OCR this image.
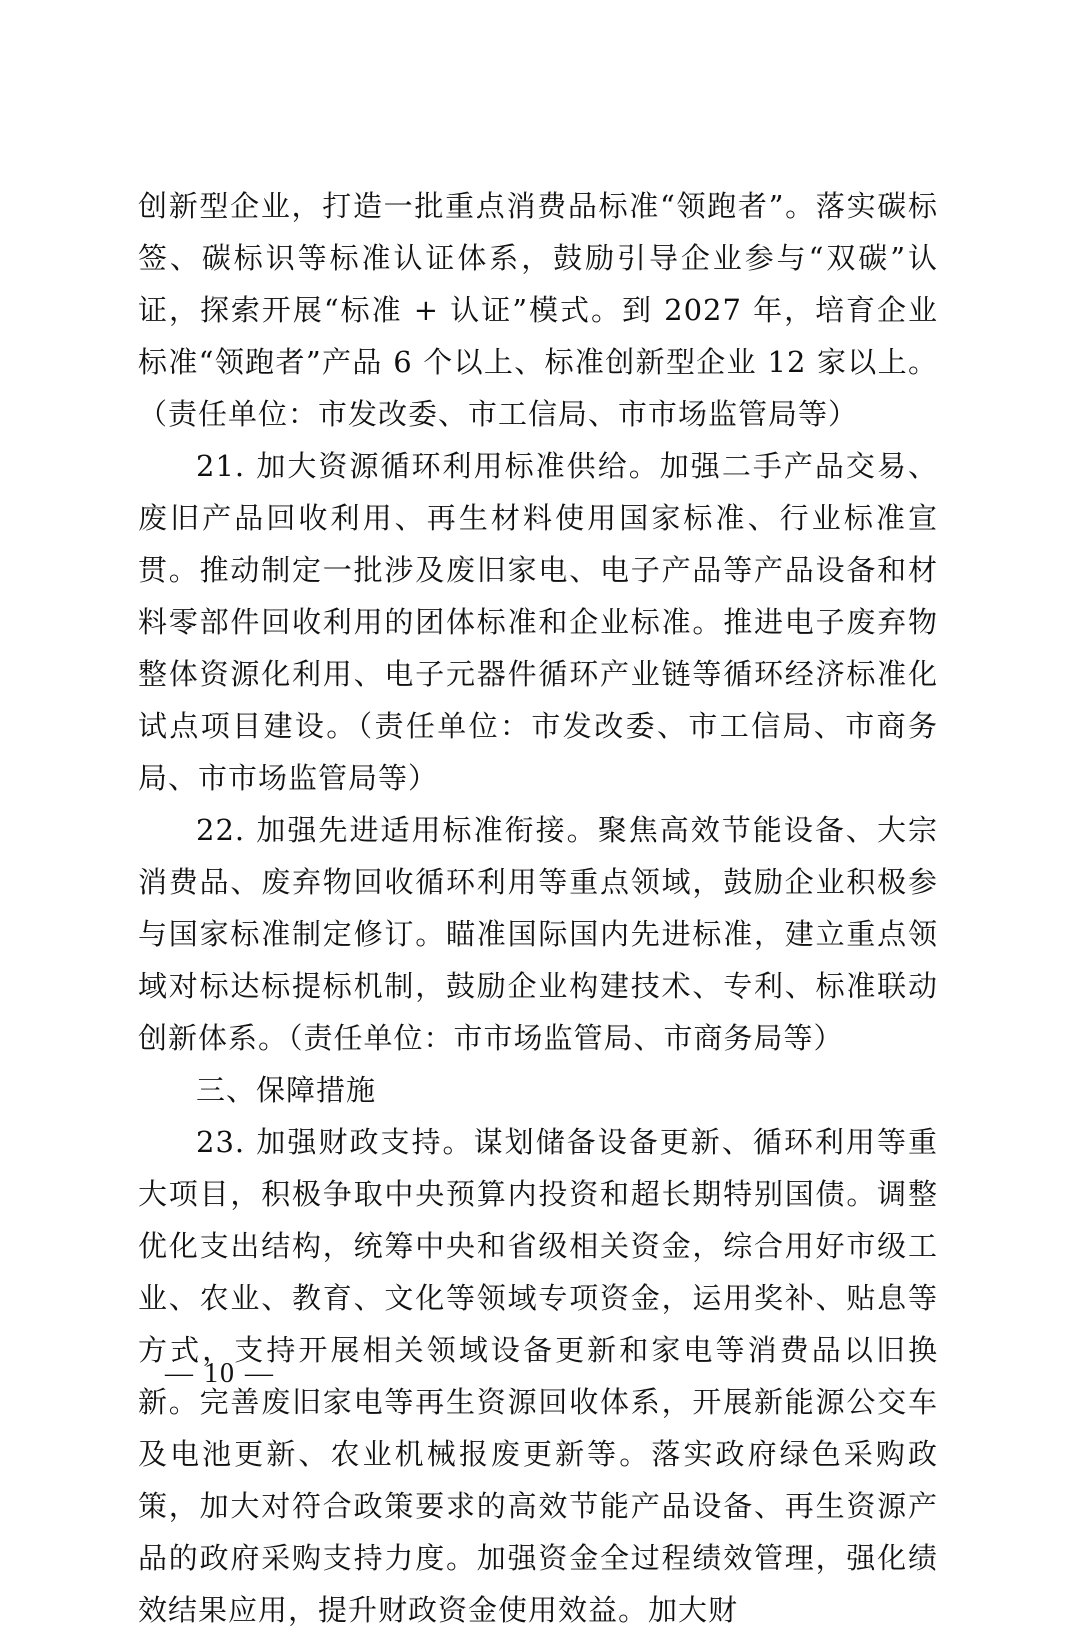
创新型企业，打造一批重点消费品标准“领跑者”。落实碳标签、碳标识等标准认证体系，鼓励引导企业参与“双碳”认证，探索开展“标准 + 认证”模式。到 2027 年，培育企业标准“领跑者”产品 6 个以上、标准创新型企业 12 家以上。（责任单位：市发改委、市工信局、市市场监管局等）

21. 加大资源循环利用标准供给。加强二手产品交易、废旧产品回收利用、再生材料使用国家标准、行业标准宣贯。推动制定一批涉及废旧家电、电子产品等产品设备和材料零部件回收利用的团体标准和企业标准。推进电子废弃物整体资源化利用、电子元器件循环产业链等循环经济标准化试点项目建设。（责任单位：市发改委、市工信局、市商务局、市市场监管局等）

22. 加强先进适用标准衔接。聚焦高效节能设备、大宗消费品、废弃物回收循环利用等重点领域，鼓励企业积极参与国家标准制定修订。瞄准国际国内先进标准，建立重点领域对标达标提标机制，鼓励企业构建技术、专利、标准联动创新体系。（责任单位：市市场监管局、市商务局等）

三、保障措施

23. 加强财政支持。谋划储备设备更新、循环利用等重大项目，积极争取中央预算内投资和超长期特别国债。调整优化支出结构，统筹中央和省级相关资金，综合用好市级工业、农业、教育、文化等领域专项资金，运用奖补、贴息等方式，支持开展相关领域设备更新和家电等消费品以旧换新。完善废旧家电等再生资源回收体系，开展新能源公交车及电池更新、农业机械报废更新等。落实政府绿色采购政策，加大对符合政策要求的高效节能产品设备、再生资源产品的政府采购支持力度。加强资金全过程绩效管理，强化绩效结果应用，提升财政资金使用效益。加大财

— 10 —
